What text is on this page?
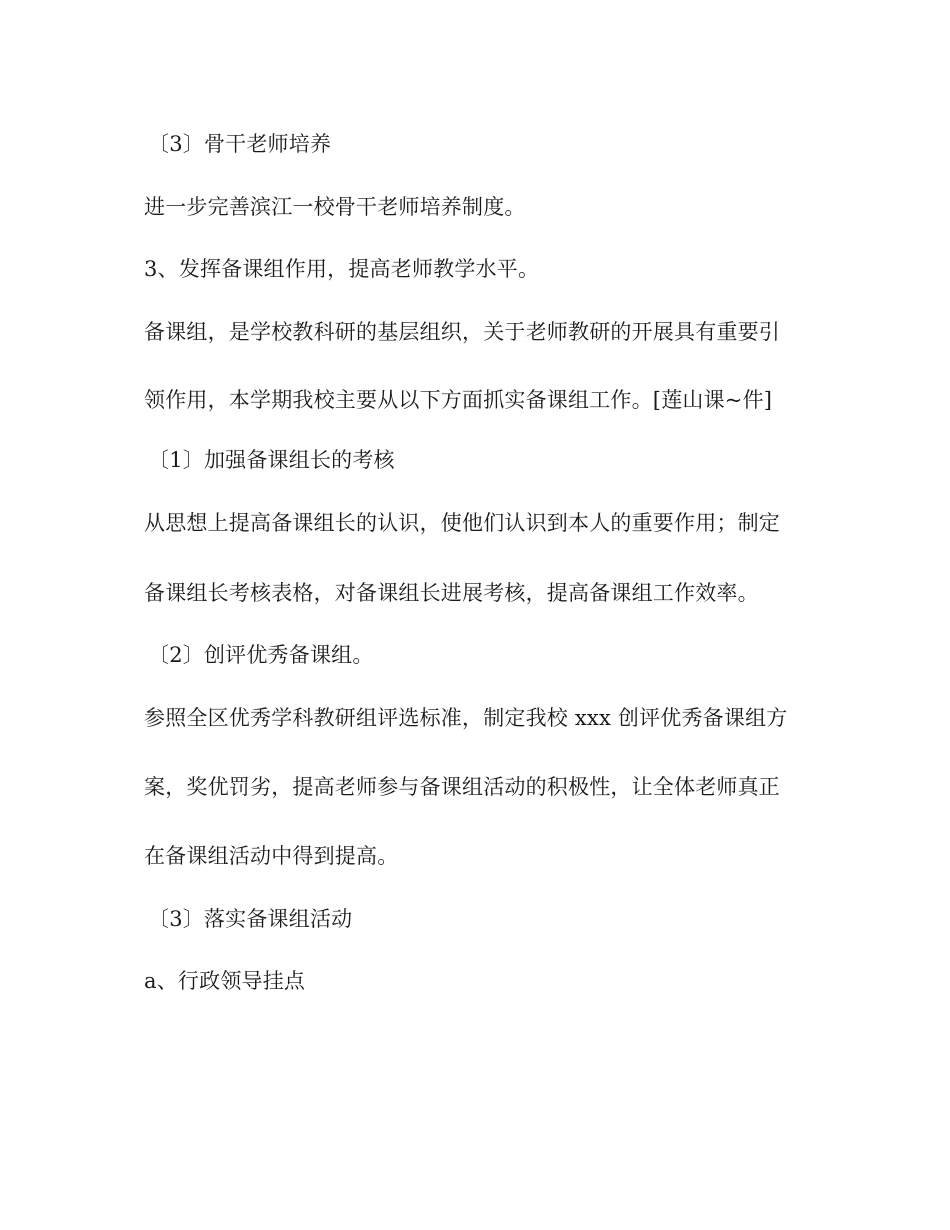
〔3〕骨干老师培养
进一步完善滨江一校骨干老师培养制度。
3、发挥备课组作用，提高老师教学水平。
备课组，是学校教科研的基层组织，关于老师教研的开展具有重要引
领作用，本学期我校主要从以下方面抓实备课组工作。[莲山课~件]
〔1〕加强备课组长的考核
从思想上提高备课组长的认识，使他们认识到本人的重要作用；制定
备课组长考核表格，对备课组长进展考核，提高备课组工作效率。
〔2〕创评优秀备课组。
参照全区优秀学科教研组评选标准，制定我校 xxx 创评优秀备课组方
案，奖优罚劣，提高老师参与备课组活动的积极性，让全体老师真正
在备课组活动中得到提高。
〔3〕落实备课组活动
a、行政领导挂点
